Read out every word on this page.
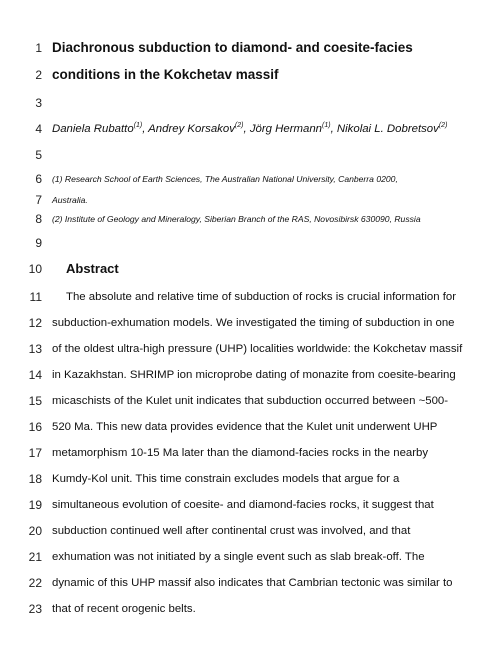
1 Diachronous subduction to diamond- and coesite-facies
2 conditions in the Kokchetav massif
3
4 Daniela Rubatto$^{(1)}$, Andrey Korsakov$^{(2)}$, Jörg Hermann$^{(1)}$, Nikolai L. Dobretsov$^{(2)}$
5
6 (1) Research School of Earth Sciences, The Australian National University, Canberra 0200,
7 Australia.
8 (2) Institute of Geology and Mineralogy, Siberian Branch of the RAS, Novosibirsk 630090, Russia
9
10 Abstract
11 The absolute and relative time of subduction of rocks is crucial information for
12 subduction-exhumation models. We investigated the timing of subduction in one
13 of the oldest ultra-high pressure (UHP) localities worldwide: the Kokchetav massif
14 in Kazakhstan. SHRIMP ion microprobe dating of monazite from coesite-bearing
15 micaschists of the Kulet unit indicates that subduction occurred between ~500-
16 520 Ma. This new data provides evidence that the Kulet unit underwent UHP
17 metamorphism 10-15 Ma later than the diamond-facies rocks in the nearby
18 Kumdy-Kol unit. This time constrain excludes models that argue for a
19 simultaneous evolution of coesite- and diamond-facies rocks, it suggest that
20 subduction continued well after continental crust was involved, and that
21 exhumation was not initiated by a single event such as slab break-off. The
22 dynamic of this UHP massif also indicates that Cambrian tectonic was similar to
23 that of recent orogenic belts.
